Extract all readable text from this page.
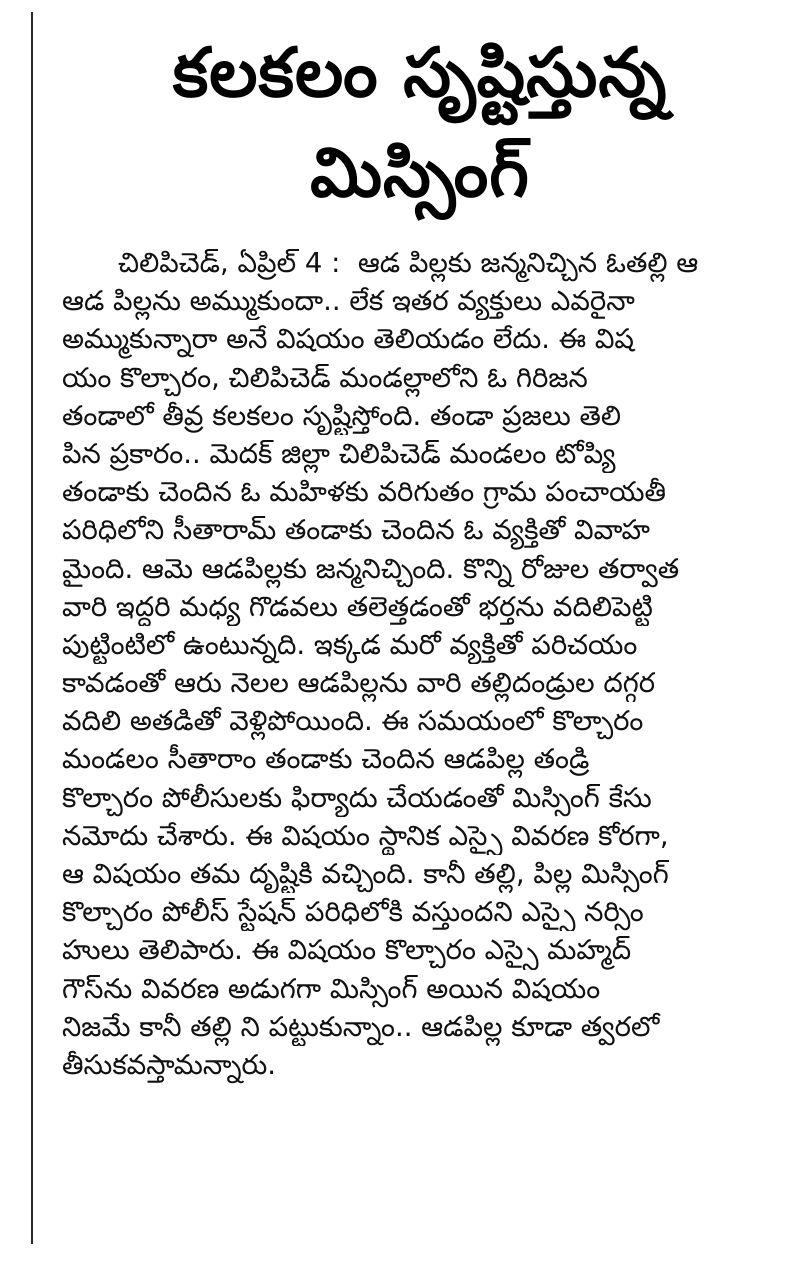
కలకలం సృష్టిస్తున్న
మిస్సింగ్
చిలిపిచెడ్, ఏప్రిల్ 4 : ఆడ పిల్లకు జన్మనిచ్చిన ఓతల్లి ఆ
ఆడ పిల్లను అమ్ముకుందా.. లేక ఇతర వ్యక్తులు ఎవరైనా
అమ్ముకున్నారా అనే విషయం తెలియడం లేదు. ఈ విష
యం కొల్చారం, చిలిపిచెడ్ మండల్లాలోని ఓ గిరిజన
తండాలో తీవ్ర కలకలం సృష్టిస్తోంది. తండా ప్రజలు తెలి
పిన ప్రకారం.. మెదక్ జిల్లా చిలిపిచెడ్ మండలం టోప్యి
తండాకు చెందిన ఓ మహిళకు వరిగుతం గ్రామ పంచాయతీ
పరిధిలోని సీతారామ్ తండాకు చెందిన ఓ వ్యక్తితో వివాహ
మైంది. ఆమె ఆడపిల్లకు జన్మనిచ్చింది. కొన్ని రోజుల తర్వాత
వారి ఇద్దరి మధ్య గొడవలు తలెత్తడంతో భర్తను వదిలిపెట్టి
పుట్టింటిలో ఉంటున్నది. ఇక్కడ మరో వ్యక్తితో పరిచయం
కావడంతో ఆరు నెలల ఆడపిల్లను వారి తల్లిదండ్రుల దగ్గర
వదిలి అతడితో వెళ్లిపోయింది. ఈ సమయంలో కొల్చారం
మండలం సీతారాం తండాకు చెందిన ఆడపిల్ల తండ్రి
కొల్చారం పోలీసులకు ఫిర్యాదు చేయడంతో మిస్సింగ్ కేసు
నమోదు చేశారు. ఈ విషయం స్థానిక ఎస్సై వివరణ కోరగా,
ఆ విషయం తమ దృష్టికి వచ్చింది. కానీ తల్లి, పిల్ల మిస్సింగ్
కొల్చారం పోలీస్ స్టేషన్ పరిధిలోకి వస్తుందని ఎస్సై నర్సిం
హులు తెలిపారు. ఈ విషయం కొల్చారం ఎస్సై మహ్మద్
గౌస్‌ను వివరణ అడుగగా మిస్సింగ్ అయిన విషయం
నిజమే కానీ తల్లి ని పట్టుకున్నాం.. ఆడపిల్ల కూడా త్వరలో
తీసుకవస్తామన్నారు.
